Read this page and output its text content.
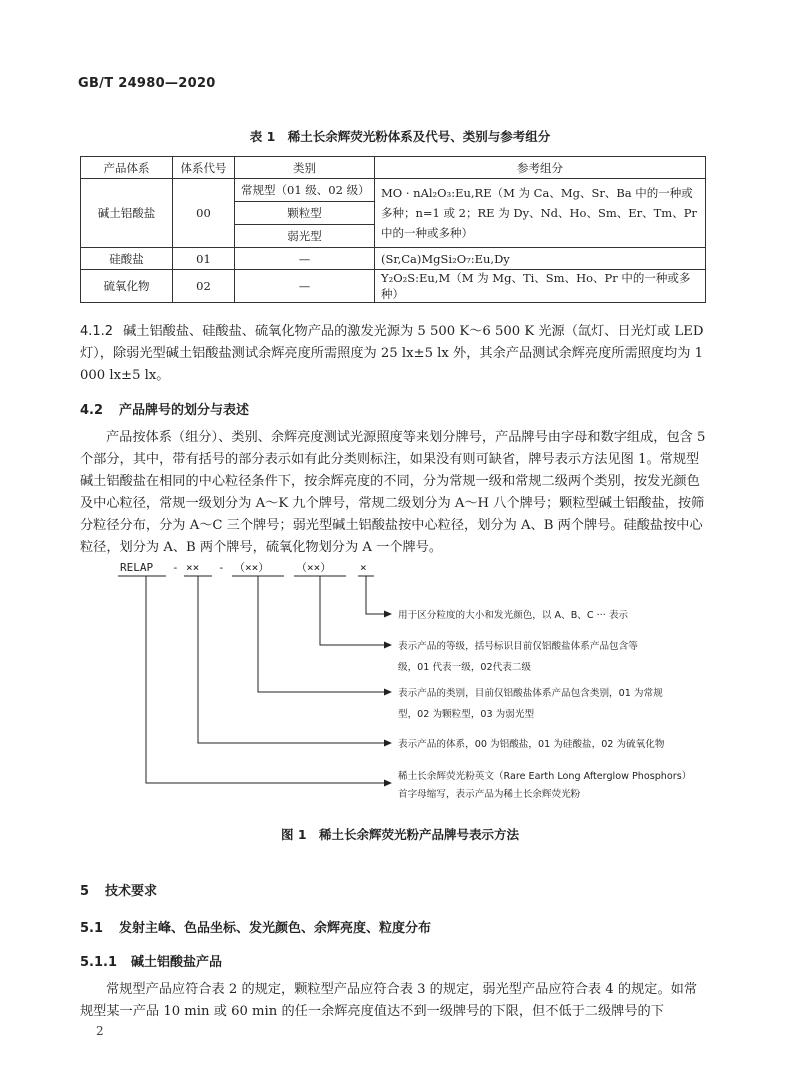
GB/T 24980—2020
表 1　稀土长余辉荧光粉体系及代号、类别与参考组分
产品体系	体系代号	类别	参考组分
碱土铝酸盐	00	常规型（01 级、02 级）	MO · nAl₂O₃:Eu,RE（M 为 Ca、Mg、Sr、Ba 中的一种或多种；n=1 或 2；RE 为 Dy、Nd、Ho、Sm、Er、Tm、Pr 中的一种或多种）
		颗粒型	
		弱光型	
硅酸盐	01	—	(Sr,Ca)MgSi₂O₇:Eu,Dy
硫氧化物	02	—	Y₂O₂S:Eu,M（M 为 Mg、Ti、Sm、Ho、Pr 中的一种或多种）
4.1.2 碱土铝酸盐、硅酸盐、硫氧化物产品的激发光源为 5 500 K～6 500 K 光源（氙灯、日光灯或 LED 灯），除弱光型碱土铝酸盐测试余辉亮度所需照度为 25 lx±5 lx 外，其余产品测试余辉亮度所需照度均为 1 000 lx±5 lx。
4.2 产品牌号的划分与表述
产品按体系（组分）、类别、余辉亮度测试光源照度等来划分牌号，产品牌号由字母和数字组成，包含 5 个部分，其中，带有括号的部分表示如有此分类则标注，如果没有则可缺省，牌号表示方法见图 1。常规型碱土铝酸盐在相同的中心粒径条件下，按余辉亮度的不同，分为常规一级和常规二级两个类别，按发光颜色及中心粒径，常规一级划分为 A～K 九个牌号，常规二级划分为 A～H 八个牌号；颗粒型碱土铝酸盐，按筛分粒径分布，分为 A～C 三个牌号；弱光型碱土铝酸盐按中心粒径，划分为 A、B 两个牌号。硅酸盐按中心粒径，划分为 A、B 两个牌号，硫氧化物划分为 A 一个牌号。
RELAP - ×× - （××） （××）	×
用于区分粒度的大小和发光颜色，以 A、B、C ··· 表示
表示产品的等级，括号标识目前仅铝酸盐体系产品包含等
级，01 代表一级，02代表二级
表示产品的类别，目前仅铝酸盐体系产品包含类别，01 为常规
型，02 为颗粒型，03 为弱光型
表示产品的体系，00 为铝酸盐，01 为硅酸盐，02 为硫氧化物
稀土长余辉荧光粉英文（Rare Earth Long Afterglow Phosphors）
首字母缩写，表示产品为稀土长余辉荧光粉
图 1　稀土长余辉荧光粉产品牌号表示方法
5 技术要求
5.1 发射主峰、色品坐标、发光颜色、余辉亮度、粒度分布
5.1.1 碱土铝酸盐产品
常规型产品应符合表 2 的规定，颗粒型产品应符合表 3 的规定，弱光型产品应符合表 4 的规定。如常规型某一产品 10 min 或 60 min 的任一余辉亮度值达不到一级牌号的下限，但不低于二级牌号的下
2
